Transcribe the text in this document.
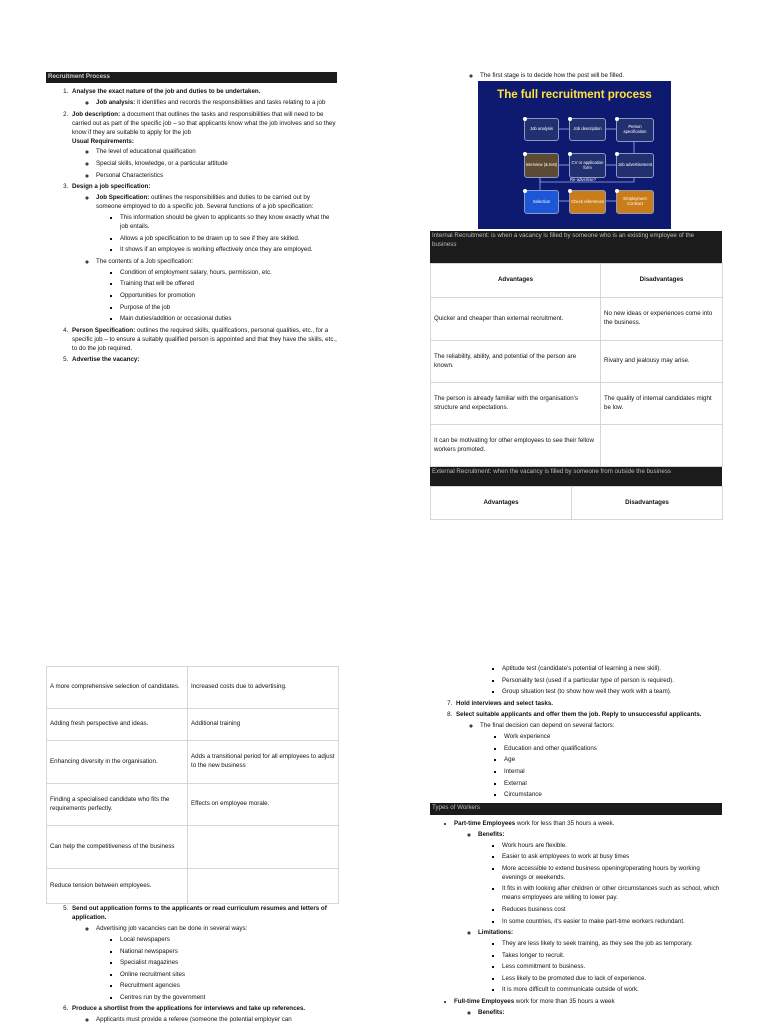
Recruitment Process
1. Analyse the exact nature of the job and duties to be undertaken.
◦ Job analysis: it identifies and records the responsibilities and tasks relating to a job
2. Job description: a document that outlines the tasks and responsibilities that will need to be carried out as part of the specific job – so that applicants know what the job involves and so they know if they are suitable to apply for the job
Usual Requirements:
◦ The level of educational qualification
◦ Special skills, knowledge, or a particular attitude
◦ Personal Characteristics
3. Design a job specification:
◦ Job Specification: outlines the responsibilities and duties to be carried out by someone employed to do a specific job. Several functions of a job specification:
▪ This information should be given to applicants so they know exactly what the job entails.
▪ Allows a job specification to be drawn up to see if they are skilled.
▪ It shows if an employee is working effectively once they are employed.
◦ The contents of a Job specification:
▪ Condition of employment salary, hours, permission, etc.
▪ Training that will be offered
▪ Opportunities for promotion
▪ Purpose of the job
▪ Main duties/addition or occasional duties
4. Person Specification: outlines the required skills, qualifications, personal qualities, etc., for a specific job – to ensure a suitably qualified person is appointed and that they have the skills, etc., to do the job required.
5. Advertise the vacancy:
◦ The first stage is to decide how the post will be filled.
The full recruitment process
Job analysis	Job description	Person specification
Interview (& test)	CV or application form	Job advertisement
Re-advertise?
Selection	Check references	Employment Contract
Internal Recruitment: is when a vacancy is filled by someone who is an existing employee of the business
Advantages	Disadvantages
Quicker and cheaper than external recruitment.	No new ideas or experiences come into the business.
The reliability, ability, and potential of the person are known.	Rivalry and jealousy may arise.
The person is already familiar with the organisation's structure and expectations.	The quality of internal candidates might be low.
It can be motivating for other employees to see their fellow workers promoted.	
External Recruitment: when the vacancy is filled by someone from outside the business
Advantages	Disadvantages
A more comprehensive selection of candidates.	Increased costs due to advertising.
Adding fresh perspective and ideas.	Additional training
Enhancing diversity in the organisation.	Adds a transitional period for all employees to adjust to the new business
Finding a specialised candidate who fits the requirements perfectly.	Effects on employee morale.
Can help the competitiveness of the business	
Reduce tension between employees.	
5. Send out application forms to the applicants or read curriculum resumes and letters of application.
◦ Advertising job vacancies can be done in several ways:
▪ Local newspapers
▪ National newspapers
▪ Specialist magazines
▪ Online recruitment sites
▪ Recruitment agencies
▪ Centres run by the government
6. Produce a shortlist from the applications for interviews and take up references.
◦ Applicants must provide a referee (someone the potential employer can
▪ Aptitude test (candidate's potential of learning a new skill).
▪ Personality test (used if a particular type of person is required).
▪ Group situation test (to show how well they work with a team).
7. Hold interviews and select tasks.
8. Select suitable applicants and offer them the job. Reply to unsuccessful applicants.
◦ The final decision can depend on several factors:
▪ Work experience
▪ Education and other qualifications
▪ Age
▪ Internal
▪ External
▪ Circumstance
Types of Workers
• Part-time Employees work for less than 35 hours a week.
◦ Benefits:
▪ Work hours are flexible.
▪ Easier to ask employees to work at busy times
▪ More accessible to extend business opening/operating hours by working evenings or weekends.
▪ It fits in with looking after children or other circumstances such as school, which means employees are willing to lower pay.
▪ Reduces business cost
▪ In some countries, it's easier to make part-time workers redundant.
◦ Limitations:
▪ They are less likely to seek training, as they see the job as temporary.
▪ Takes longer to recruit.
▪ Less commitment to business.
▪ Less likely to be promoted due to lack of experience.
▪ It is more difficult to communicate outside of work.
• Full-time Employees work for more than 35 hours a week
◦ Benefits:
